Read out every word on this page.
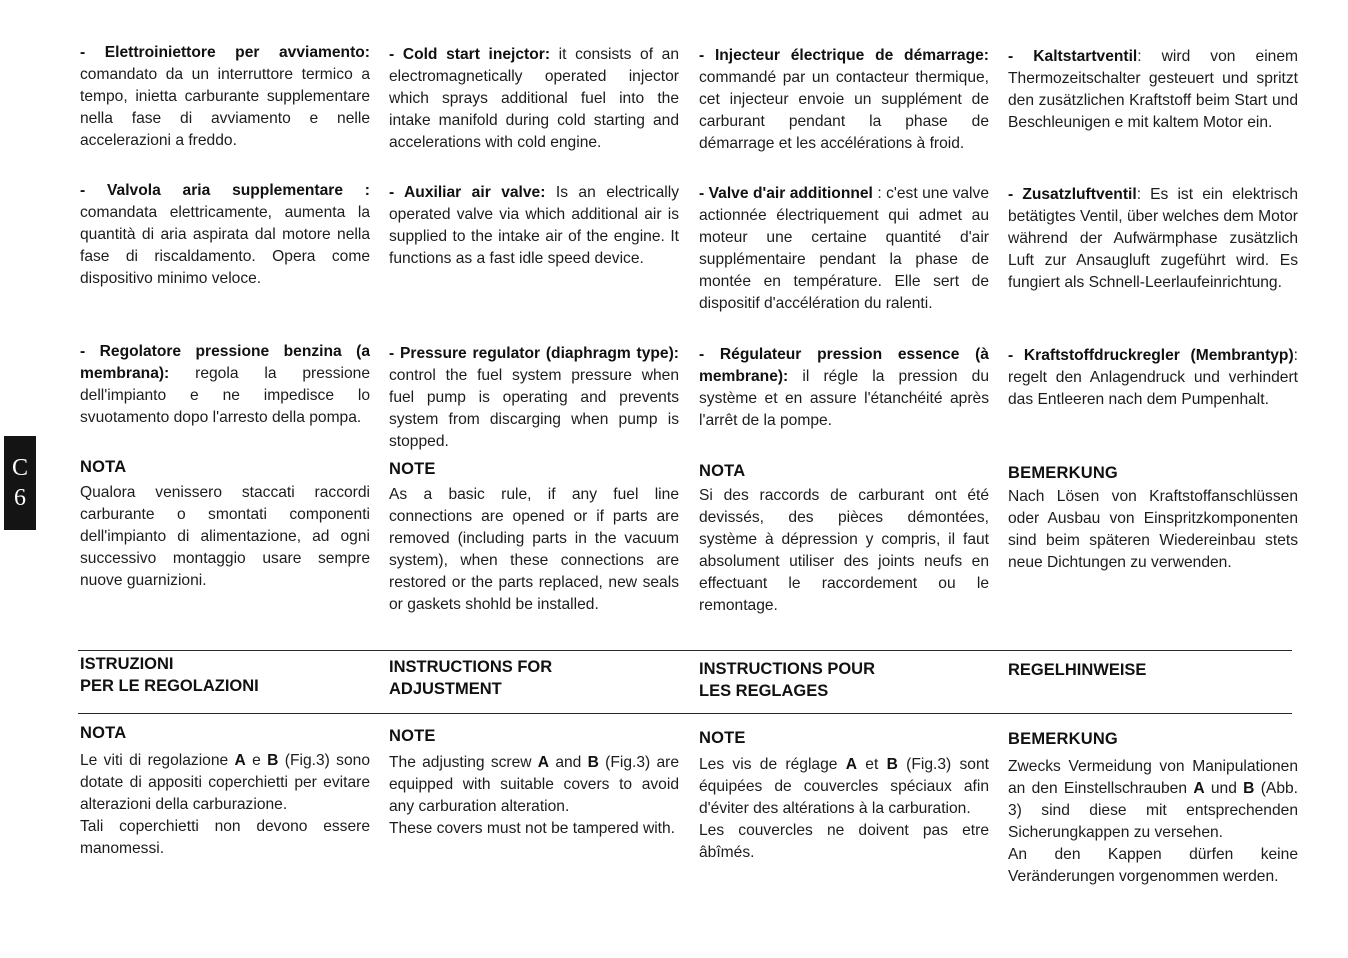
C
6

- Elettroiniettore per avviamento: comandato da un interruttore termico a tempo, inietta carburante supplementare nella fase di avviamento e nelle accelerazioni a freddo.

- Valvola aria supplementare : comandata elettricamente, aumenta la quantità di aria aspirata dal motore nella fase di riscaldamento. Opera come dispositivo minimo veloce.

- Regolatore pressione benzina (a membrana): regola la pressione dell'impianto e ne impedisce lo svuotamento dopo l'arresto della pompa.

NOTA

Qualora venissero staccati raccordi carburante o smontati componenti dell'impianto di alimentazione, ad ogni successivo montaggio usare sempre nuove guarnizioni.

ISTRUZIONI
PER LE REGOLAZIONI
NOTA
Le viti di regolazione A e B (Fig.3) sono dotate di appositi coperchietti per evitare alterazioni della carburazione.
Tali coperchietti non devono essere manomessi.

- Cold start inejctor: it consists of an electromagnetically operated injector which sprays additional fuel into the intake manifold during cold starting and accelerations with cold engine.

- Auxiliar air valve: Is an electrically operated valve via which additional air is supplied to the intake air of the engine. It functions as a fast idle speed device.

- Pressure regulator (diaphragm type): control the fuel system pressure when fuel pump is operating and prevents system from discarging when pump is stopped.

NOTE

As a basic rule, if any fuel line connections are opened or if parts are removed (including parts in the vacuum system), when these connections are restored or the parts replaced, new seals or gaskets shohld be installed.

INSTRUCTIONS FOR
ADJUSTMENT
NOTE
The adjusting screw A and B (Fig.3) are equipped with suitable covers to avoid any carburation alteration.
These covers must not be tampered with.

- Injecteur électrique de démarrage: commandé par un contacteur thermique, cet injecteur envoie un supplément de carburant pendant la phase de démarrage et les accélérations à froid.

- Valve d'air additionnel : c'est une valve actionnée électriquement qui admet au moteur une certaine quantité d'air supplémentaire pendant la phase de montée en température. Elle sert de dispositif d'accélération du ralenti.

- Régulateur pression essence (à membrane): il régle la pression du système et en assure l'étanchéité après l'arrêt de la pompe.

NOTA

Si des raccords de carburant ont été devissés, des pièces démontées, système à dépression y compris, il faut absolument utiliser des joints neufs en effectuant le raccordement ou le remontage.

INSTRUCTIONS POUR
LES REGLAGES
NOTE
Les vis de réglage A et B (Fig.3) sont équipées de couvercles spéciaux afin d'éviter des altérations à la carburation.
Les couvercles ne doivent pas etre âbîmés.

- Kaltstartventil: wird von einem Thermozeitschalter gesteuert und spritzt den zusätzlichen Kraftstoff beim Start und Beschleunigen e mit kaltem Motor ein.

- Zusatzluftventil: Es ist ein elektrisch betätigtes Ventil, über welches dem Motor während der Aufwärmphase zusätzlich Luft zur Ansaugluft zugeführt wird. Es fungiert als Schnell-Leerlaufeinrichtung.

- Kraftstoffdruckregler (Membrantyp): regelt den Anlagendruck und verhindert das Entleeren nach dem Pumpenhalt.

BEMERKUNG

Nach Lösen von Kraftstoffanschlüssen oder Ausbau von Einspritzkomponenten sind beim späteren Wiedereinbau stets neue Dichtungen zu verwenden.

REGELHINWEISE
BEMERKUNG
Zwecks Vermeidung von Manipulationen an den Einstellschrauben A und B (Abb. 3) sind diese mit entsprechenden Sicherungkappen zu versehen.
An den Kappen dürfen keine Veränderungen vorgenommen werden.
